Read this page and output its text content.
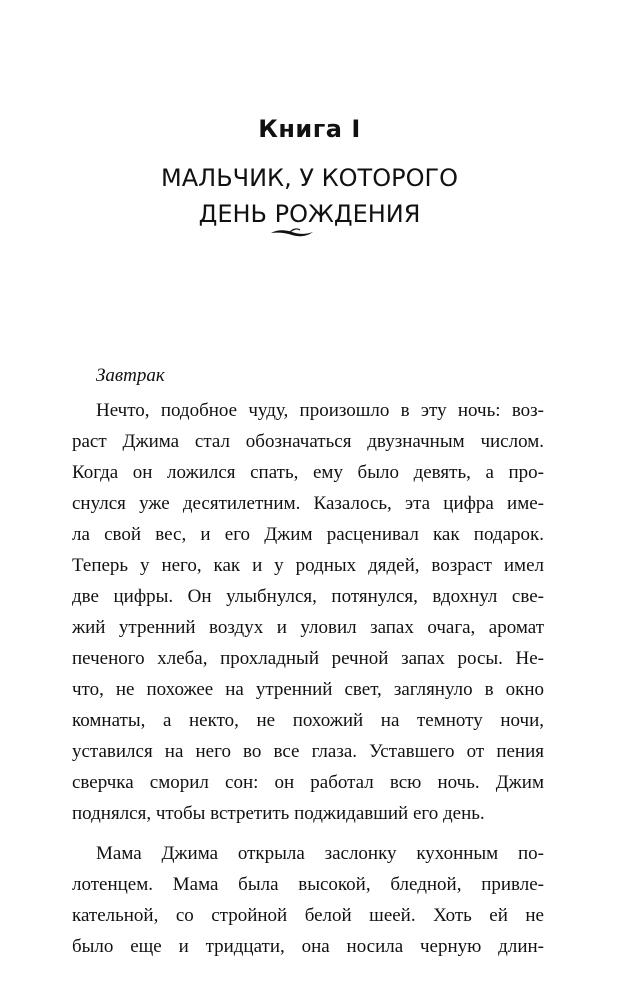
Книга I
МАЛЬЧИК, У КОТОРОГО
ДЕНЬ РОЖДЕНИЯ
Завтрак

Нечто, подобное чуду, произошло в эту ночь: воз-
раст Джима стал обозначаться двузначным числом.
Когда он ложился спать, ему было девять, а про-
снулся уже десятилетним. Казалось, эта цифра име-
ла свой вес, и его Джим расценивал как подарок.
Теперь у него, как и у родных дядей, возраст имел
две цифры. Он улыбнулся, потянулся, вдохнул све-
жий утренний воздух и уловил запах очага, аромат
печеного хлеба, прохладный речной запах росы. Не-
что, не похожее на утренний свет, заглянуло в окно
комнаты, а некто, не похожий на темноту ночи,
уставился на него во все глаза. Уставшего от пения
сверчка сморил сон: он работал всю ночь. Джим
поднялся, чтобы встретить поджидавший его день.

Мама Джима открыла заслонку кухонным по-
лотенцем. Мама была высокой, бледной, привле-
кательной, со стройной белой шеей. Хоть ей не
было еще и тридцати, она носила черную длин-
